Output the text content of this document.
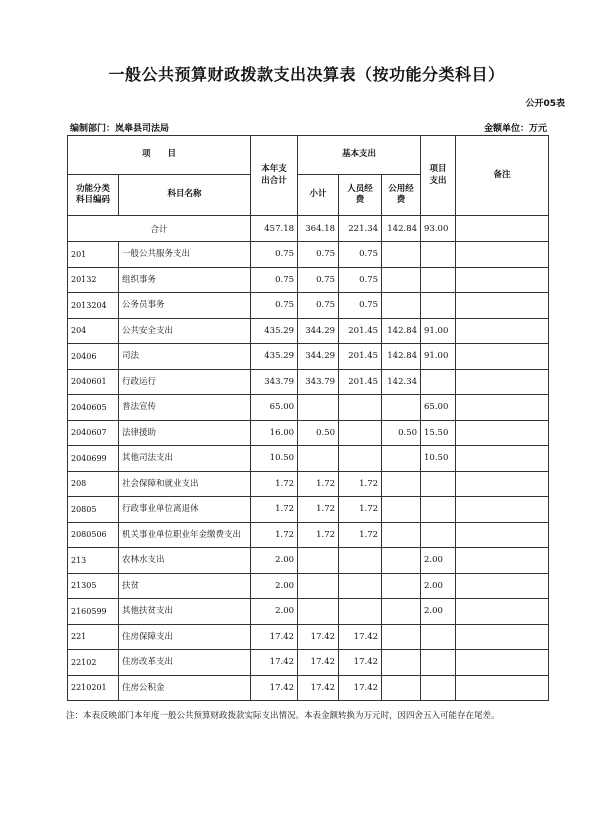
一般公共预算财政拨款支出决算表（按功能分类科目）
公开05表
编制部门：岚皋县司法局	金额单位：万元
项　　目		本年支出合计	基本支出			项目支出	备注
功能分类科目编码	科目名称		小计	人员经费	公用经费		
合计		457.18	364.18	221.34	142.84	93.00	
201	一般公共服务支出	0.75	0.75	0.75			
20132	组织事务	0.75	0.75	0.75			
2013204	公务员事务	0.75	0.75	0.75			
204	公共安全支出	435.29	344.29	201.45	142.84	91.00	
20406	司法	435.29	344.29	201.45	142.84	91.00	
2040601	行政运行	343.79	343.79	201.45	142.34		
2040605	普法宣传	65.00				65.00	
2040607	法律援助	16.00	0.50		0.50	15.50	
2040699	其他司法支出	10.50				10.50	
208	社会保障和就业支出	1.72	1.72	1.72			
20805	行政事业单位离退休	1.72	1.72	1.72			
2080506	机关事业单位职业年金缴费支出	1.72	1.72	1.72			
213	农林水支出	2.00				2.00	
21305	扶贫	2.00				2.00	
2160599	其他扶贫支出	2.00				2.00	
221	住房保障支出	17.42	17.42	17.42			
22102	住房改革支出	17.42	17.42	17.42			
2210201	住房公积金	17.42	17.42	17.42			
注：本表反映部门本年度一般公共预算财政拨款实际支出情况。本表金额转换为万元时，因四舍五入可能存在尾差。
